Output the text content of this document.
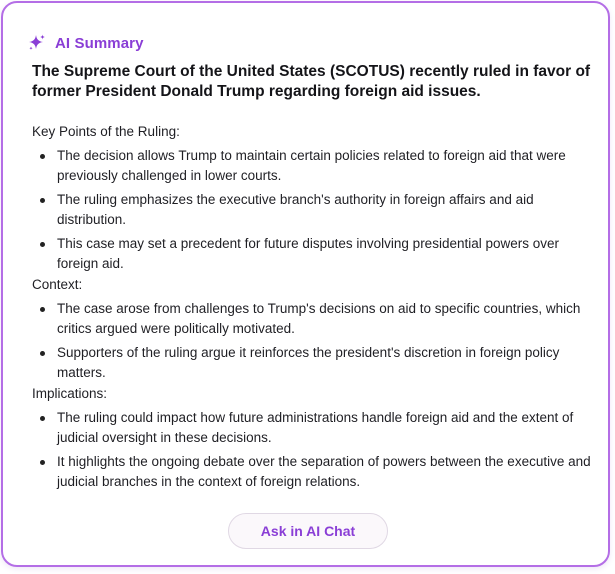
AI Summary
The Supreme Court of the United States (SCOTUS) recently ruled in favor of former President Donald Trump regarding foreign aid issues.
Key Points of the Ruling:
The decision allows Trump to maintain certain policies related to foreign aid that were previously challenged in lower courts.
The ruling emphasizes the executive branch's authority in foreign affairs and aid distribution.
This case may set a precedent for future disputes involving presidential powers over foreign aid.
Context:
The case arose from challenges to Trump's decisions on aid to specific countries, which critics argued were politically motivated.
Supporters of the ruling argue it reinforces the president's discretion in foreign policy matters.
Implications:
The ruling could impact how future administrations handle foreign aid and the extent of judicial oversight in these decisions.
It highlights the ongoing debate over the separation of powers between the executive and judicial branches in the context of foreign relations.
Ask in AI Chat
